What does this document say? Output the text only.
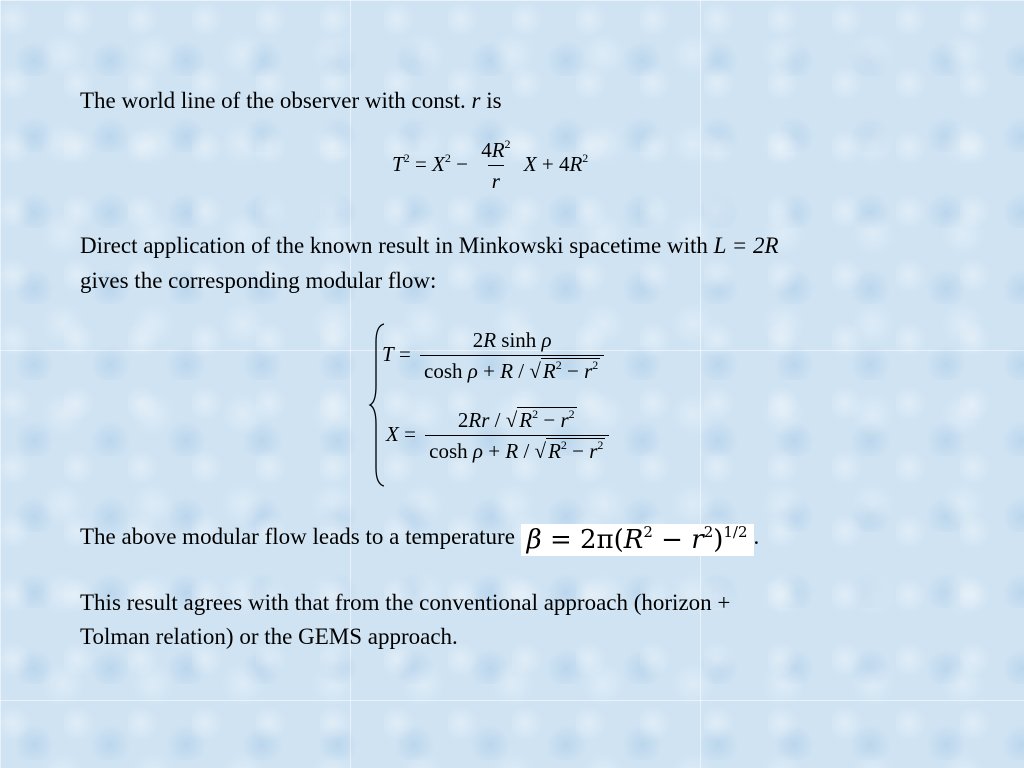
The world line of the observer with const. r is

$T^2 = X^2 - \frac{4R^2}{r}$ $X + 4R^2$

Direct application of the known result in Minkowski spacetime with L = 2R

gives the corresponding modular flow:

$T = \frac{\text{2R sinh ρ}}{\cosh \rho + R / √R^2 - r^2}$
$X = \frac{2Rr / √R^2 - r^2}{\cosh \rho + R / √R^2 - r^2}$

The above modular flow leads to a temperature $\beta = 2\pi(R^2 - r^2)^{1/2}$ .

This result agrees with that from the conventional approach (horizon +

Tolman relation) or the GEMS approach.
